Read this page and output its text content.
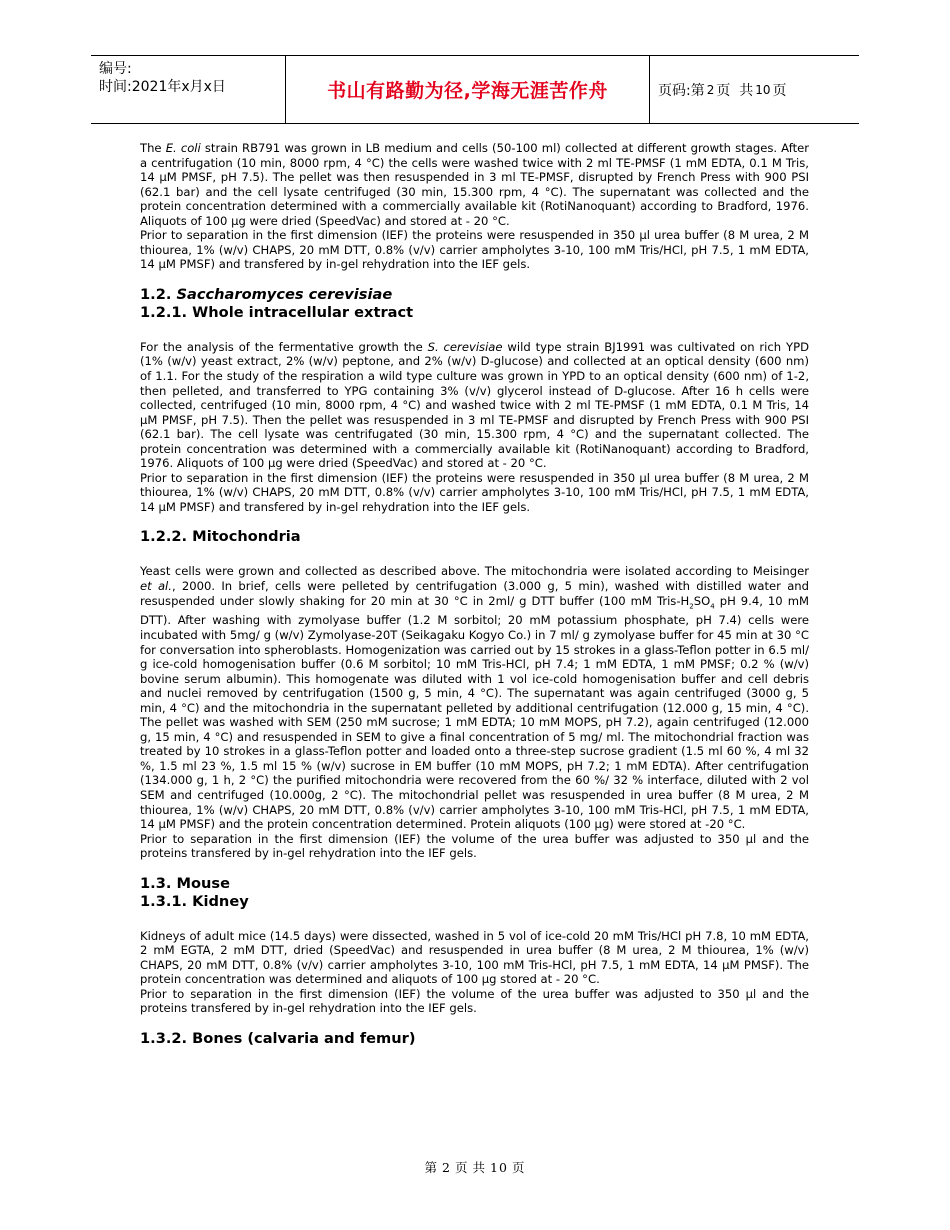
编号:
时间:2021年x月x日	书山有路勤为径,学海无涯苦作舟	页码:第 2 页  共 10 页

The E. coli strain RB791 was grown in LB medium and cells (50-100 ml) collected at different growth stages. After a centrifugation (10 min, 8000 rpm, 4 °C) the cells were washed twice with 2 ml TE-PMSF (1 mM EDTA, 0.1 M Tris, 14 µM PMSF, pH 7.5). The pellet was then resuspended in 3 ml TE-PMSF, disrupted by French Press with 900 PSI (62.1 bar) and the cell lysate centrifuged (30 min, 15.300 rpm, 4 °C). The supernatant was collected and the protein concentration determined with a commercially available kit (RotiNanoquant) according to Bradford, 1976. Aliquots of 100 µg were dried (SpeedVac) and stored at - 20 °C.

Prior to separation in the first dimension (IEF) the proteins were resuspended in 350 µl urea buffer (8 M urea, 2 M thiourea, 1% (w/v) CHAPS, 20 mM DTT, 0.8% (v/v) carrier ampholytes 3-10, 100 mM Tris/HCl, pH 7.5, 1 mM EDTA, 14 µM PMSF) and transfered by in-gel rehydration into the IEF gels.

1.2. Saccharomyces cerevisiae

1.2.1. Whole intracellular extract

For the analysis of the fermentative growth the S. cerevisiae wild type strain BJ1991 was cultivated on rich YPD (1% (w/v) yeast extract, 2% (w/v) peptone, and 2% (w/v) D-glucose) and collected at an optical density (600 nm) of 1.1. For the study of the respiration a wild type culture was grown in YPD to an optical density (600 nm) of 1-2, then pelleted, and transferred to YPG containing 3% (v/v) glycerol instead of D-glucose. After 16 h cells were collected, centrifuged (10 min, 8000 rpm, 4 °C) and washed twice with 2 ml TE-PMSF (1 mM EDTA, 0.1 M Tris, 14 µM PMSF, pH 7.5). Then the pellet was resuspended in 3 ml TE-PMSF and disrupted by French Press with 900 PSI (62.1 bar). The cell lysate was centrifugated (30 min, 15.300 rpm, 4 °C) and the supernatant collected. The protein concentration was determined with a commercially available kit (RotiNanoquant) according to Bradford, 1976. Aliquots of 100 µg were dried (SpeedVac) and stored at - 20 °C.

Prior to separation in the first dimension (IEF) the proteins were resuspended in 350 µl urea buffer (8 M urea, 2 M thiourea, 1% (w/v) CHAPS, 20 mM DTT, 0.8% (v/v) carrier ampholytes 3-10, 100 mM Tris/HCl, pH 7.5, 1 mM EDTA, 14 µM PMSF) and transfered by in-gel rehydration into the IEF gels.

1.2.2. Mitochondria

Yeast cells were grown and collected as described above. The mitochondria were isolated according to Meisinger et al., 2000. In brief, cells were pelleted by centrifugation (3.000 g, 5 min), washed with distilled water and resuspended under slowly shaking for 20 min at 30 °C in 2ml/ g DTT buffer (100 mM Tris-$H_2SO_4$ pH 9.4, 10 mM DTT). After washing with zymolyase buffer (1.2 M sorbitol; 20 mM potassium phosphate, pH 7.4) cells were incubated with 5mg/ g (w/v) Zymolyase-20T (Seikagaku Kogyo Co.) in 7 ml/ g zymolyase buffer for 45 min at 30 °C for conversation into spheroblasts. Homogenization was carried out by 15 strokes in a glass-Teflon potter in 6.5 ml/ g ice-cold homogenisation buffer (0.6 M sorbitol; 10 mM Tris-HCl, pH 7.4; 1 mM EDTA, 1 mM PMSF; 0.2 % (w/v) bovine serum albumin). This homogenate was diluted with 1 vol ice-cold homogenisation buffer and cell debris and nuclei removed by centrifugation (1500 g, 5 min, 4 °C). The supernatant was again centrifuged (3000 g, 5 min, 4 °C) and the mitochondria in the supernatant pelleted by additional centrifugation (12.000 g, 15 min, 4 °C). The pellet was washed with SEM (250 mM sucrose; 1 mM EDTA; 10 mM MOPS, pH 7.2), again centrifuged (12.000 g, 15 min, 4 °C) and resuspended in SEM to give a final concentration of 5 mg/ ml. The mitochondrial fraction was treated by 10 strokes in a glass-Teflon potter and loaded onto a three-step sucrose gradient (1.5 ml 60 %, 4 ml 32 %, 1.5 ml 23 %, 1.5 ml 15 % (w/v) sucrose in EM buffer (10 mM MOPS, pH 7.2; 1 mM EDTA). After centrifugation (134.000 g, 1 h, 2 °C) the purified mitochondria were recovered from the 60 %/ 32 % interface, diluted with 2 vol SEM and centrifuged (10.000g, 2 °C). The mitochondrial pellet was resuspended in urea buffer (8 M urea, 2 M thiourea, 1% (w/v) CHAPS, 20 mM DTT, 0.8% (v/v) carrier ampholytes 3-10, 100 mM Tris-HCl, pH 7.5, 1 mM EDTA, 14 µM PMSF) and the protein concentration determined. Protein aliquots (100 µg) were stored at -20 °C.

Prior to separation in the first dimension (IEF) the volume of the urea buffer was adjusted to 350 µl and the proteins transfered by in-gel rehydration into the IEF gels.

1.3. Mouse

1.3.1. Kidney

Kidneys of adult mice (14.5 days) were dissected, washed in 5 vol of ice-cold 20 mM Tris/HCl pH 7.8, 10 mM EDTA, 2 mM EGTA, 2 mM DTT, dried (SpeedVac) and resuspended in urea buffer (8 M urea, 2 M thiourea, 1% (w/v) CHAPS, 20 mM DTT, 0.8% (v/v) carrier ampholytes 3-10, 100 mM Tris-HCl, pH 7.5, 1 mM EDTA, 14 µM PMSF). The protein concentration was determined and aliquots of 100 µg stored at - 20 °C.

Prior to separation in the first dimension (IEF) the volume of the urea buffer was adjusted to 350 µl and the proteins transfered by in-gel rehydration into the IEF gels.

1.3.2. Bones (calvaria and femur)

第 2 页 共 10 页
